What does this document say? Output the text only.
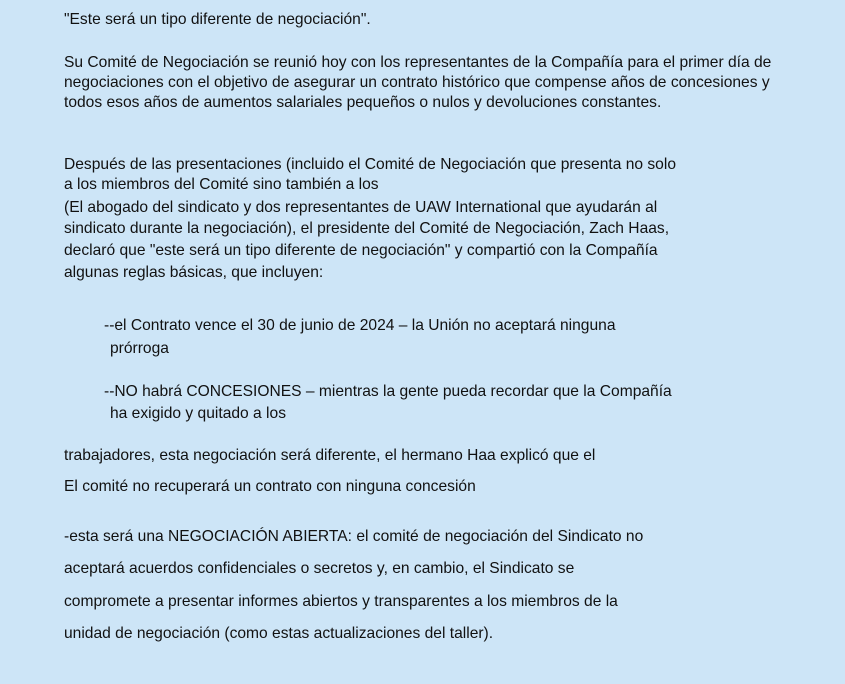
"Este será un tipo diferente de negociación".

Su Comité de Negociación se reunió hoy con los representantes de la Compañía para el primer día de negociaciones con el objetivo de asegurar un contrato histórico que compense años de concesiones y todos esos años de aumentos salariales pequeños o nulos y devoluciones constantes.

Después de las presentaciones (incluido el Comité de Negociación que presenta no solo
a los miembros del Comité sino también a los
(El abogado del sindicato y dos representantes de UAW International que ayudarán al
sindicato durante la negociación), el presidente del Comité de Negociación, Zach Haas,
declaró que "este será un tipo diferente de negociación" y compartió con la Compañía
algunas reglas básicas, que incluyen:
--el Contrato vence el 30 de junio de 2024 – la Unión no aceptará ninguna
prórroga
--NO habrá CONCESIONES – mientras la gente pueda recordar que la Compañía
ha exigido y quitado a los
trabajadores, esta negociación será diferente, el hermano Haa explicó que el
El comité no recuperará un contrato con ninguna concesión
-esta será una NEGOCIACIÓN ABIERTA: el comité de negociación del Sindicato no
aceptará acuerdos confidenciales o secretos y, en cambio, el Sindicato se
compromete a presentar informes abiertos y transparentes a los miembros de la
unidad de negociación (como estas actualizaciones del taller).
